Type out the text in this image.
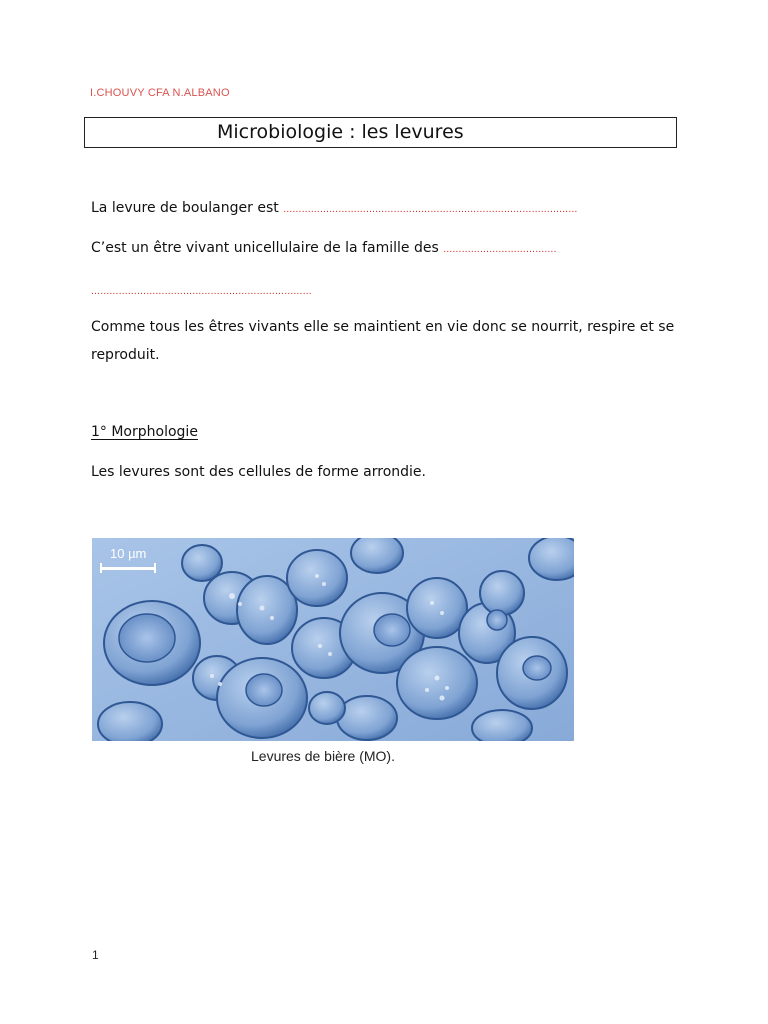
I.CHOUVY CFA N.ALBANO
Microbiologie : les levures
La levure de boulanger est ……………………………………………………………………………………
C’est un être vivant unicellulaire de la famille des ……………………………….
………………………………………………………………
Comme tous les êtres vivants elle se maintient en vie donc se nourrit, respire et se reproduit.
1° Morphologie
Les levures sont des cellules de forme arrondie.
10 µm
Levures de bière (MO).
1
